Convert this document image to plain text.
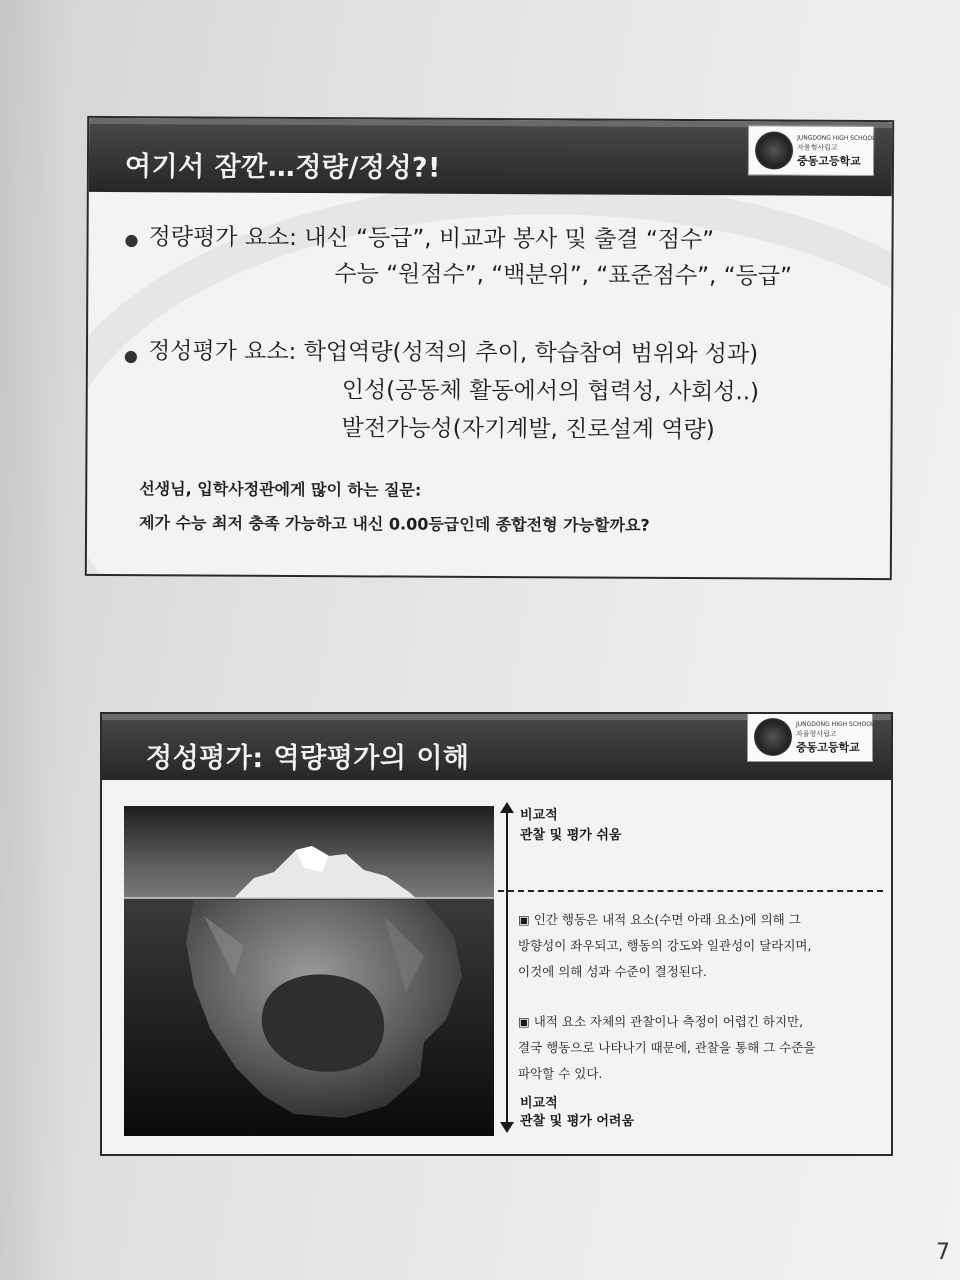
여기서 잠깐…정량/정성?!
JUNGDONG HIGH SCHOOL
자율형사립고
중동고등학교
● 정량평가 요소: 내신 “등급”, 비교과 봉사 및 출결 “점수”
수능 “원점수”, “백분위”, “표준점수”, “등급”
● 정성평가 요소: 학업역량(성적의 추이, 학습참여 범위와 성과)
인성(공동체 활동에서의 협력성, 사회성..)
발전가능성(자기계발, 진로설계 역량)
선생님, 입학사정관에게 많이 하는 질문:
제가 수능 최저 충족 가능하고 내신 0.00등급인데 종합전형 가능할까요?
정성평가: 역량평가의 이해
JUNGDONG HIGH SCHOOL
자율형사립고
중동고등학교
비교적
관찰 및 평가 쉬움
▣ 인간 행동은 내적 요소(수면 아래 요소)에 의해 그
방향성이 좌우되고, 행동의 강도와 일관성이 달라지며,
이것에 의해 성과 수준이 결정된다.
▣ 내적 요소 자체의 관찰이나 측정이 어렵긴 하지만,
결국 행동으로 나타나기 때문에, 관찰을 통해 그 수준을
파악할 수 있다.
비교적
관찰 및 평가 어려움
7
